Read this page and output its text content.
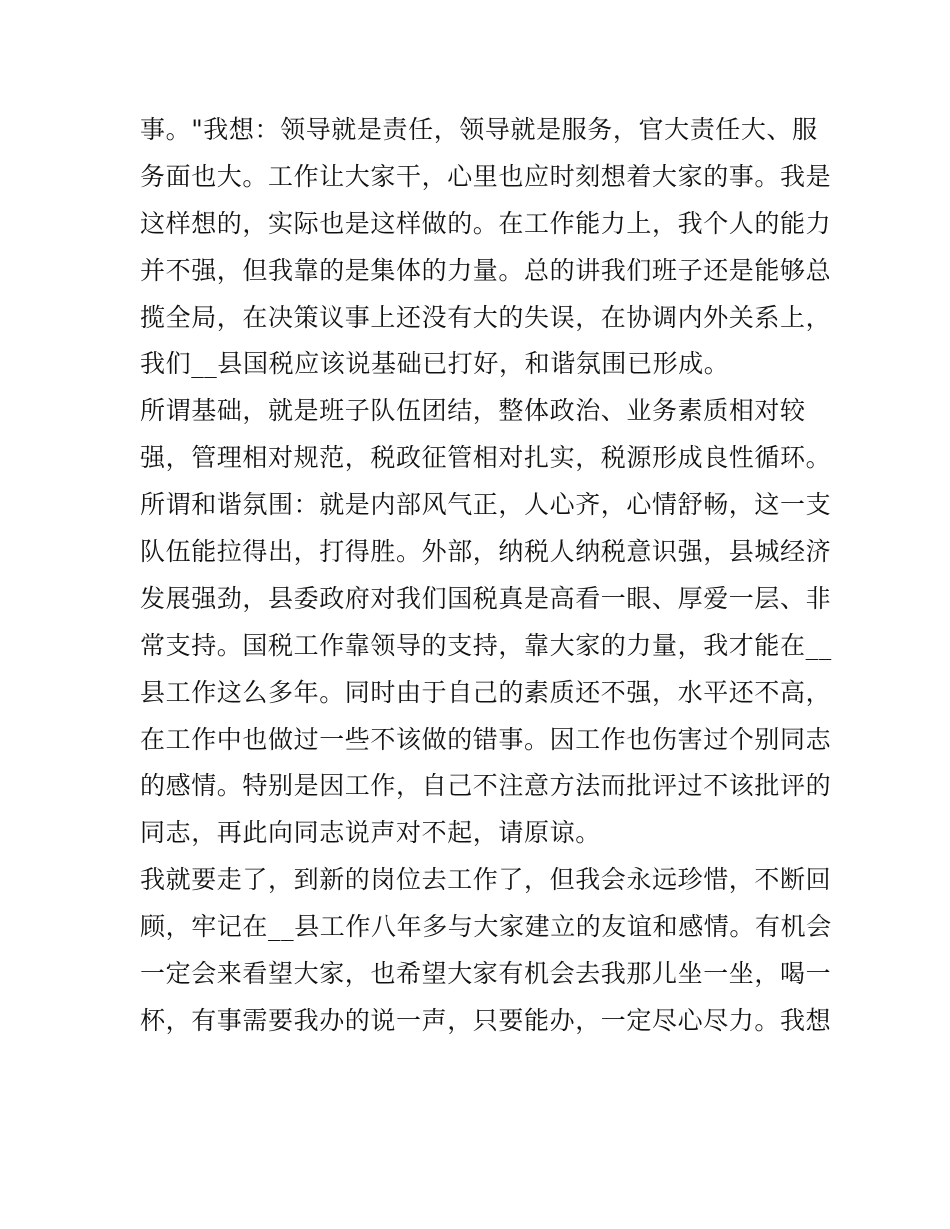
事。"我想：领导就是责任，领导就是服务，官大责任大、服
务面也大。工作让大家干，心里也应时刻想着大家的事。我是
这样想的，实际也是这样做的。在工作能力上，我个人的能力
并不强，但我靠的是集体的力量。总的讲我们班子还是能够总
揽全局，在决策议事上还没有大的失误，在协调内外关系上，
我们__县国税应该说基础已打好，和谐氛围已形成。
所谓基础，就是班子队伍团结，整体政治、业务素质相对较
强，管理相对规范，税政征管相对扎实，税源形成良性循环。
所谓和谐氛围：就是内部风气正，人心齐，心情舒畅，这一支
队伍能拉得出，打得胜。外部，纳税人纳税意识强，县城经济
发展强劲，县委政府对我们国税真是高看一眼、厚爱一层、非
常支持。国税工作靠领导的支持，靠大家的力量，我才能在__
县工作这么多年。同时由于自己的素质还不强，水平还不高，
在工作中也做过一些不该做的错事。因工作也伤害过个别同志
的感情。特别是因工作，自己不注意方法而批评过不该批评的
同志，再此向同志说声对不起，请原谅。
我就要走了，到新的岗位去工作了，但我会永远珍惜，不断回
顾，牢记在__县工作八年多与大家建立的友谊和感情。有机会
一定会来看望大家，也希望大家有机会去我那儿坐一坐，喝一
杯，有事需要我办的说一声，只要能办，一定尽心尽力。我想
